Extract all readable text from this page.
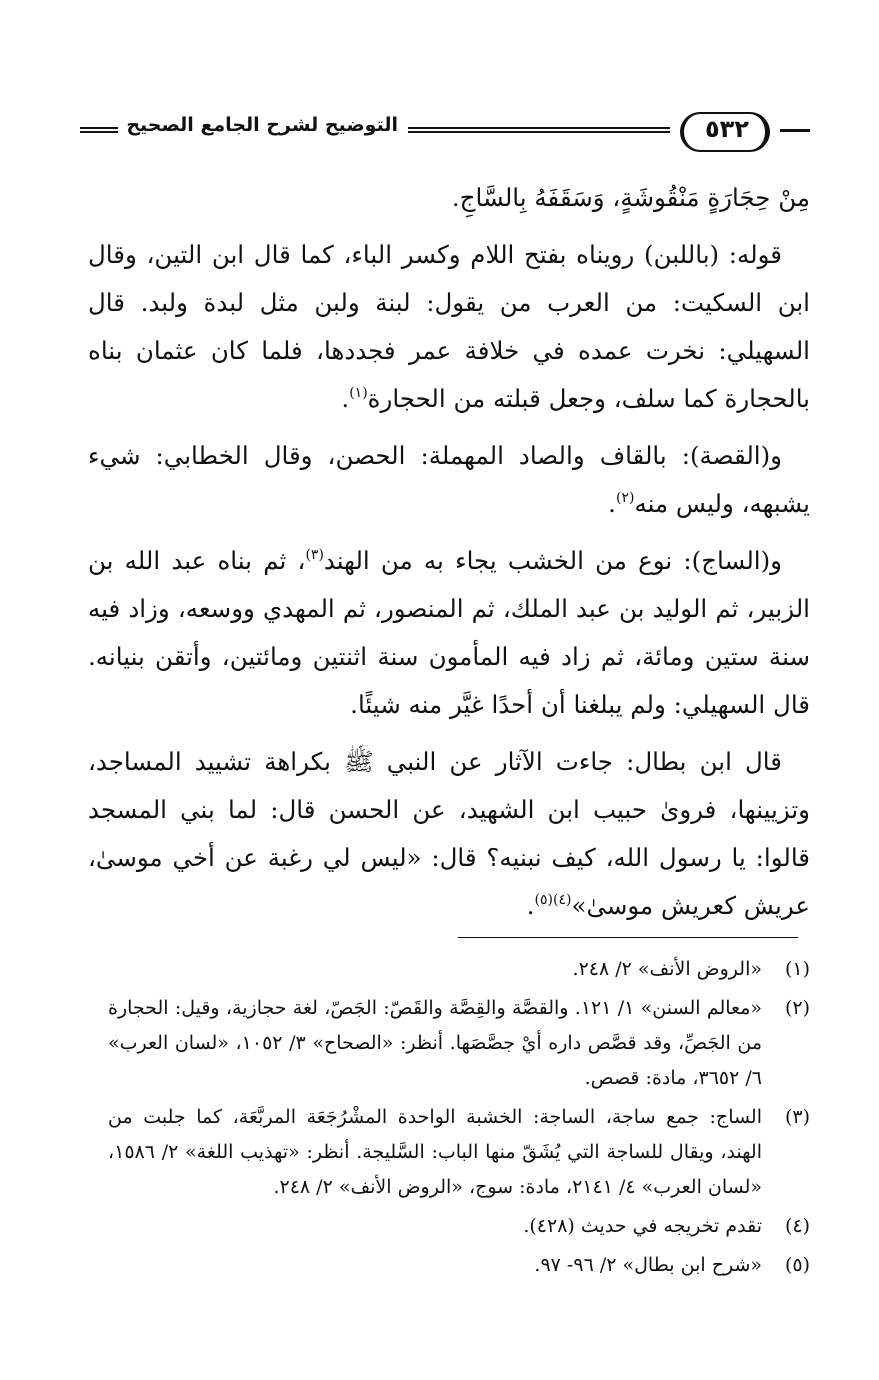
التوضيح لشرح الجامع الصحيح	٥٣٢

مِنْ حِجَارَةٍ مَنْقُوشَةٍ، وَسَقَفَهُ بِالسَّاجِ.

قوله: (باللبن) رويناه بفتح اللام وكسر الباء، كما قال ابن التين، وقال ابن السكيت: من العرب من يقول: لبنة ولبن مثل لبدة ولبد. قال السهيلي: نخرت عمده في خلافة عمر فجددها، فلما كان عثمان بناه بالحجارة كما سلف، وجعل قبلته من الحجارة$^{(١)}$.

و(القصة): بالقاف والصاد المهملة: الحصن، وقال الخطابي: شيء يشبهه، وليس منه$^{(٢)}$.

و(الساج): نوع من الخشب يجاء به من الهند$^{(٣)}$، ثم بناه عبد الله بن الزبير، ثم الوليد بن عبد الملك، ثم المنصور، ثم المهدي ووسعه، وزاد فيه سنة ستين ومائة، ثم زاد فيه المأمون سنة اثنتين ومائتين، وأتقن بنيانه. قال السهيلي: ولم يبلغنا أن أحدًا غيَّر منه شيئًا.

قال ابن بطال: جاءت الآثار عن النبي ﷺ بكراهة تشييد المساجد، وتزيينها، فروىٰ حبيب ابن الشهيد، عن الحسن قال: لما بني المسجد قالوا: يا رسول الله، كيف نبنيه؟ قال: «ليس لي رغبة عن أخي موسىٰ، عريش كعريش موسىٰ»$^{(٤)(٥)}$.

(١)
«الروض الأنف» ٢/ ٢٤٨.
(٢)
«معالم السنن» ١/ ١٢١. والقصَّة والقِصَّة والقَصّ: الجَصّ، لغة حجازية، وقيل: الحجارة من الجَصِّ، وقد قصَّص داره أيْ جصَّصَها. أنظر: «الصحاح» ٣/ ١٠٥٢، «لسان العرب» ٦/ ٣٦٥٢، مادة: قصص.
(٣)
الساج: جمع ساجة، الساجة: الخشبة الواحدة المشْرُجَعَة المربَّعَة، كما جلبت من الهند، ويقال للساجة التي يُشَقّ منها الباب: السَّليجة. أنظر: «تهذيب اللغة» ٢/ ١٥٨٦، «لسان العرب» ٤/ ٢١٤١، مادة: سوج، «الروض الأنف» ٢/ ٢٤٨.
(٤)
تقدم تخريجه في حديث (٤٢٨).
(٥)
«شرح ابن بطال» ٢/ ٩٦- ٩٧.
